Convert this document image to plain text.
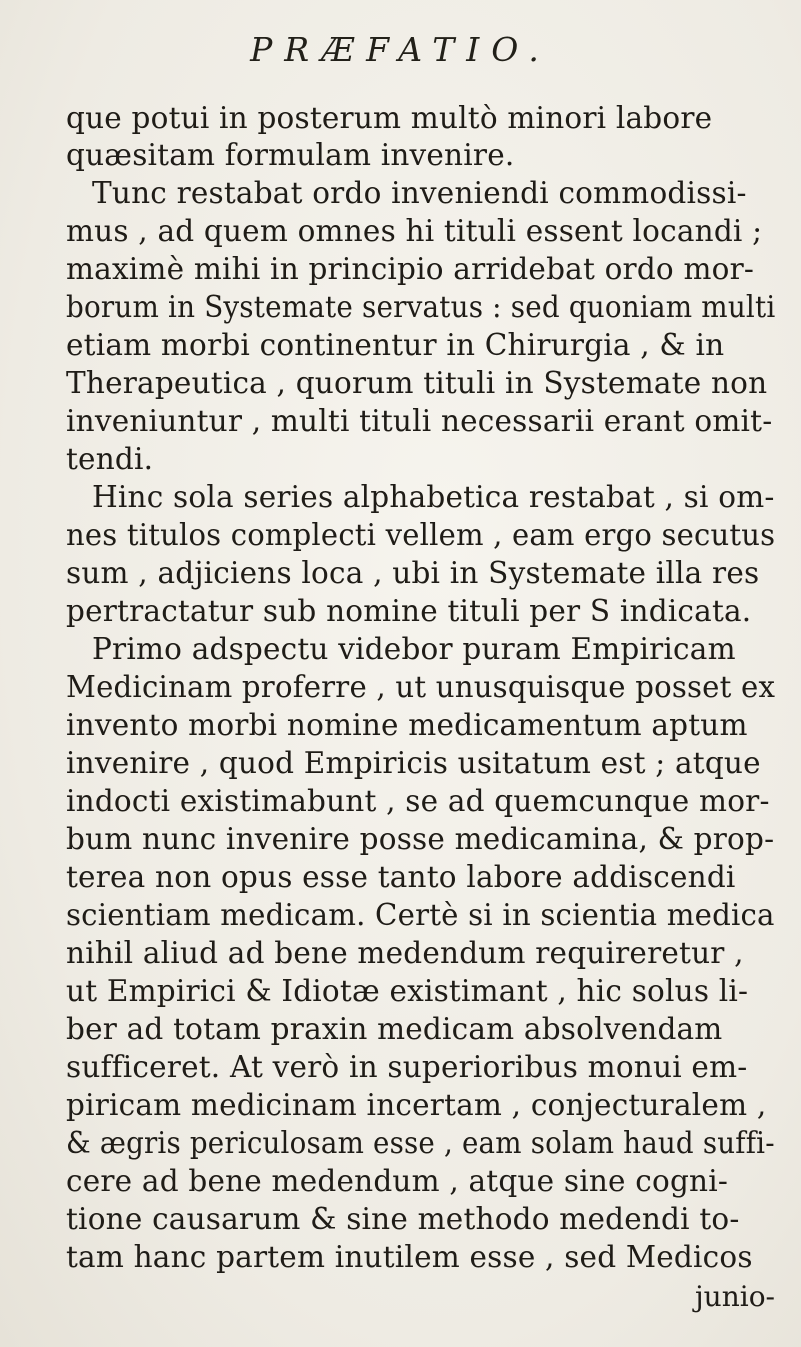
PRÆFATIO.
que potui in posterum multò minori labore
quæsitam formulam invenire.
Tunc restabat ordo inveniendi commodissi-
mus , ad quem omnes hi tituli essent locandi ;
maximè mihi in principio arridebat ordo mor-
borum in Systemate servatus : sed quoniam multi
etiam morbi continentur in Chirurgia , & in
Therapeutica , quorum tituli in Systemate non
inveniuntur , multi tituli necessarii erant omit-
tendi.
Hinc sola series alphabetica restabat , si om-
nes titulos complecti vellem , eam ergo secutus
sum , adjiciens loca , ubi in Systemate illa res
pertractatur sub nomine tituli per S indicata.
Primo adspectu videbor puram Empiricam
Medicinam proferre , ut unusquisque posset ex
invento morbi nomine medicamentum aptum
invenire , quod Empiricis usitatum est ; atque
indocti existimabunt , se ad quemcunque mor-
bum nunc invenire posse medicamina, & prop-
terea non opus esse tanto labore addiscendi
scientiam medicam. Certè si in scientia medica
nihil aliud ad bene medendum requireretur ,
ut Empirici & Idiotæ existimant , hic solus li-
ber ad totam praxin medicam absolvendam
sufficeret. At verò in superioribus monui em-
piricam medicinam incertam , conjecturalem ,
& ægris periculosam esse , eam solam haud suffi-
cere ad bene medendum , atque sine cogni-
tione causarum & sine methodo medendi to-
tam hanc partem inutilem esse , sed Medicos
junio-
